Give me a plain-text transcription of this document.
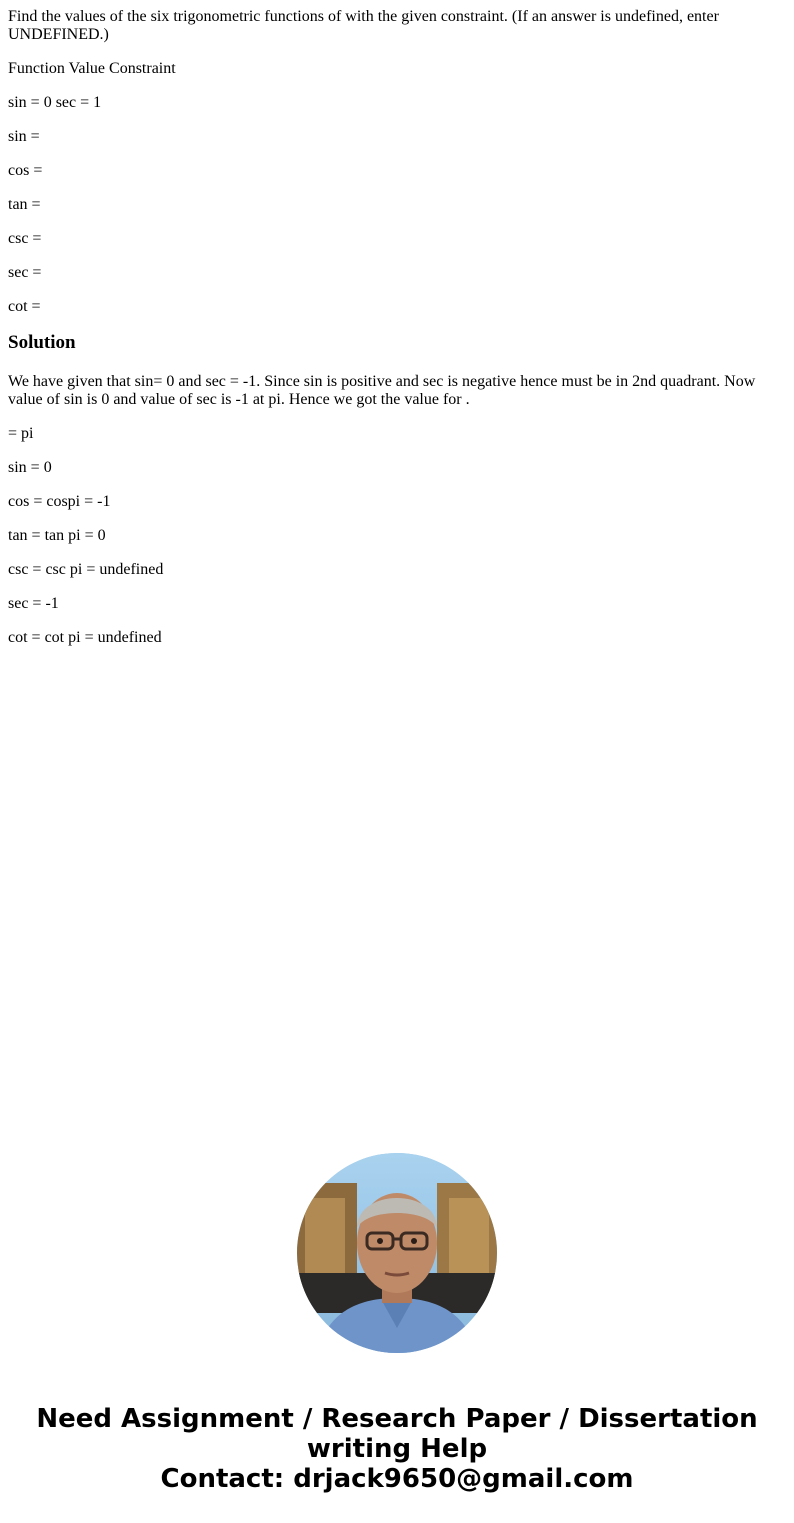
Find the values of the six trigonometric functions of with the given constraint. (If an answer is undefined, enter UNDEFINED.)

Function Value Constraint

sin = 0 sec = 1

sin =

cos =

tan =

csc =

sec =

cot =

Solution

We have given that sin= 0 and sec = -1. Since sin is positive and sec is negative hence must be in 2nd quadrant. Now value of sin is 0 and value of sec is -1 at pi. Hence we got the value for .

= pi

sin = 0

cos = cospi = -1

tan = tan pi = 0

csc = csc pi = undefined

sec = -1

cot = cot pi = undefined

Need Assignment / Research Paper / Dissertation
writing Help
Contact: drjack9650@gmail.com
